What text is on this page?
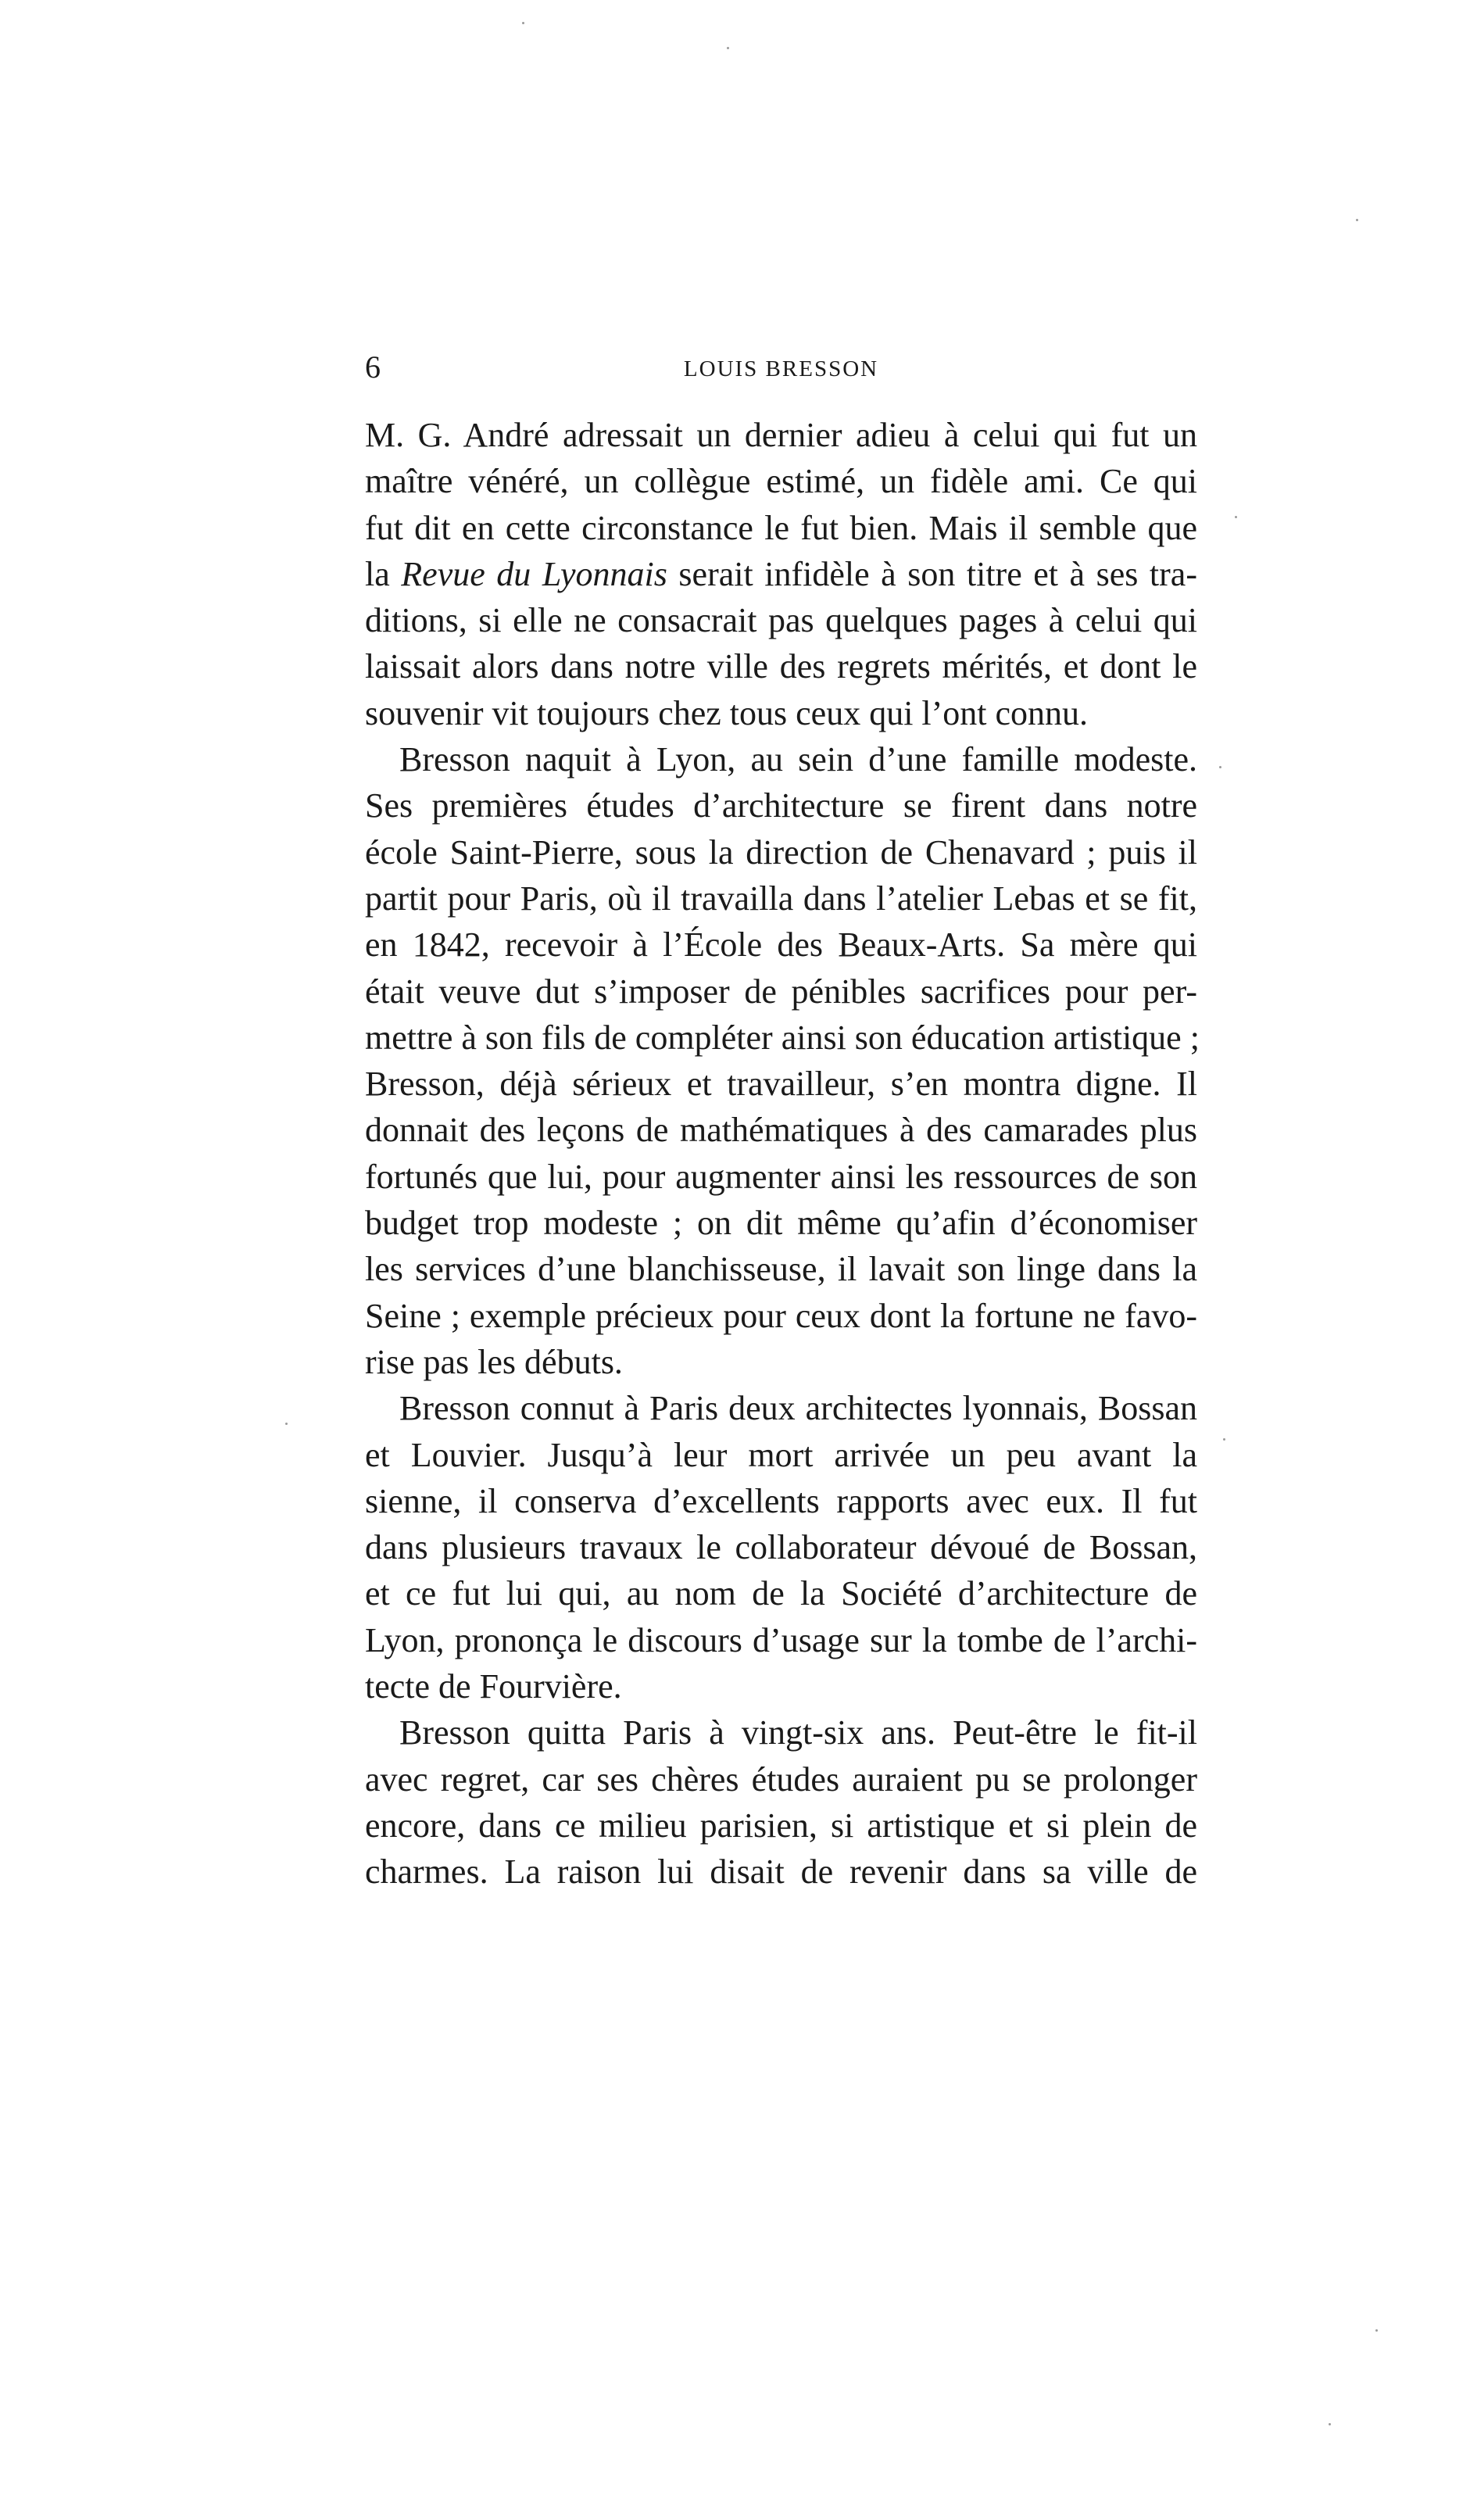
6	LOUIS BRESSON
M. G. André adressait un dernier adieu à celui qui fut un
maître vénéré, un collègue estimé, un fidèle ami. Ce qui
fut dit en cette circonstance le fut bien. Mais il semble que
la Revue du Lyonnais serait infidèle à son titre et à ses tra-
ditions, si elle ne consacrait pas quelques pages à celui qui
laissait alors dans notre ville des regrets mérités, et dont le
souvenir vit toujours chez tous ceux qui l’ont connu.
Bresson naquit à Lyon, au sein d’une famille modeste.
Ses premières études d’architecture se firent dans notre
école Saint-Pierre, sous la direction de Chenavard ; puis il
partit pour Paris, où il travailla dans l’atelier Lebas et se fit,
en 1842, recevoir à l’École des Beaux-Arts. Sa mère qui
était veuve dut s’imposer de pénibles sacrifices pour per-
mettre à son fils de compléter ainsi son éducation artistique ;
Bresson, déjà sérieux et travailleur, s’en montra digne. Il
donnait des leçons de mathématiques à des camarades plus
fortunés que lui, pour augmenter ainsi les ressources de son
budget trop modeste ; on dit même qu’afin d’économiser
les services d’une blanchisseuse, il lavait son linge dans la
Seine ; exemple précieux pour ceux dont la fortune ne favo-
rise pas les débuts.
Bresson connut à Paris deux architectes lyonnais, Bossan
et Louvier. Jusqu’à leur mort arrivée un peu avant la
sienne, il conserva d’excellents rapports avec eux. Il fut
dans plusieurs travaux le collaborateur dévoué de Bossan,
et ce fut lui qui, au nom de la Société d’architecture de
Lyon, prononça le discours d’usage sur la tombe de l’archi-
tecte de Fourvière.
Bresson quitta Paris à vingt-six ans. Peut-être le fit-il
avec regret, car ses chères études auraient pu se prolonger
encore, dans ce milieu parisien, si artistique et si plein de
charmes. La raison lui disait de revenir dans sa ville de
